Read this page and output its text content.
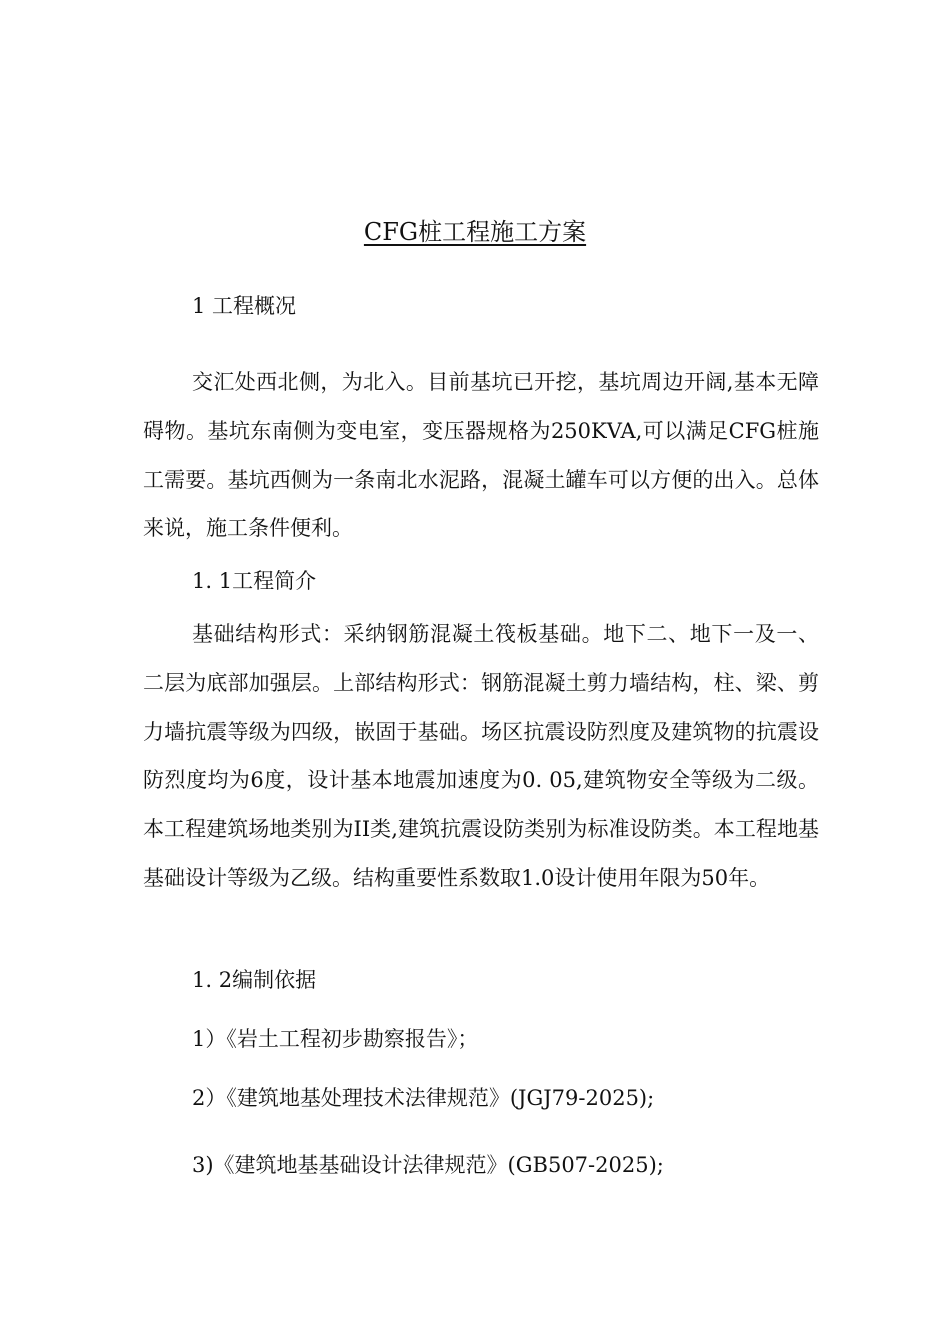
CFG桩工程施工方案
1 工程概况

交汇处西北侧，为北入。目前基坑已开挖，基坑周边开阔,基本无障碍物。基坑东南侧为变电室，变压器规格为250KVA,可以满足CFG桩施工需要。基坑西侧为一条南北水泥路，混凝土罐车可以方便的出入。总体来说，施工条件便利。

1. 1工程简介

基础结构形式：采纳钢筋混凝土筏板基础。地下二、地下一及一、二层为底部加强层。上部结构形式：钢筋混凝土剪力墙结构，柱、梁、剪力墙抗震等级为四级，嵌固于基础。场区抗震设防烈度及建筑物的抗震设防烈度均为6度，设计基本地震加速度为0. 05,建筑物安全等级为二级。本工程建筑场地类别为II类,建筑抗震设防类别为标准设防类。本工程地基基础设计等级为乙级。结构重要性系数取1.0设计使用年限为50年。

1. 2编制依据
1）《岩土工程初步勘察报告》；
2）《建筑地基处理技术法律规范》(JGJ79-2025);
3)《建筑地基基础设计法律规范》(GB507-2025);
